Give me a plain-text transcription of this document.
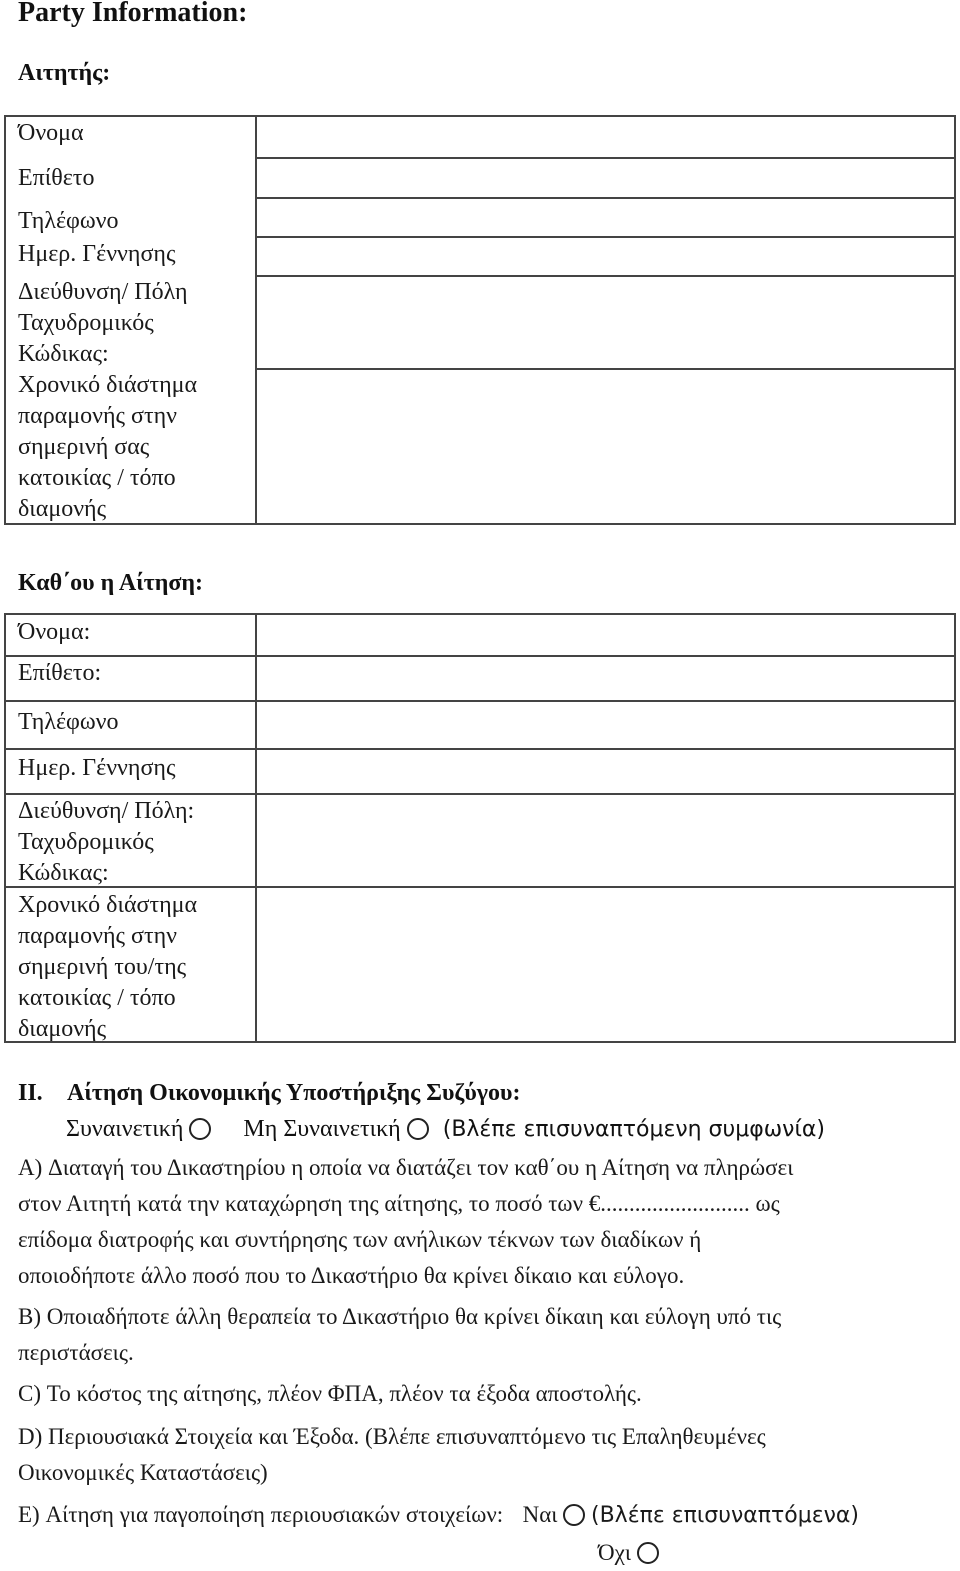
Party Information:
Αιτητής:
Όνομα
Επίθετο
Τηλέφωνο
Ημερ. Γέννησης
Διεύθυνση/ Πόλη
Ταχυδρομικός
Κώδικας:
Χρονικό διάστημα
παραμονής στην
σημερινή σας
κατοικίας / τόπο
διαμονής
Καθ΄ου η Αίτηση:
Όνομα:
Επίθετο:
Τηλέφωνο
Ημερ. Γέννησης
Διεύθυνση/ Πόλη:
Ταχυδρομικός
Κώδικας:
Χρονικό διάστημα
παραμονής στην
σημερινή του/της
κατοικίας / τόπο
διαμονής
II. Αίτηση Οικονομικής Υποστήριξης Συζύγου:
Συναινετική	Μη Συναινετική (Βλέπε επισυναπτόμενη συμφωνία)
A) Διαταγή του Δικαστηρίου η οποία να διατάζει τον καθ΄ου η Αίτηση να πληρώσει
στον Αιτητή κατά την καταχώρηση της αίτησης, το ποσό των €.......................... ως
επίδομα διατροφής και συντήρησης των ανήλικων τέκνων των διαδίκων ή
οποιοδήποτε άλλο ποσό που το Δικαστήριο θα κρίνει δίκαιο και εύλογο.
B) Οποιαδήποτε άλλη θεραπεία το Δικαστήριο θα κρίνει δίκαιη και εύλογη υπό τις
περιστάσεις.
C) Το κόστος της αίτησης, πλέον ΦΠΑ, πλέον τα έξοδα αποστολής.
D) Περιουσιακά Στοιχεία και Έξοδα. (Βλέπε επισυναπτόμενο τις Επαληθευμένες
Οικονομικές Καταστάσεις)
E) Αίτηση για παγοποίηση περιουσιακών στοιχείων: Ναι (Βλέπε επισυναπτόμενα)
Όχι
